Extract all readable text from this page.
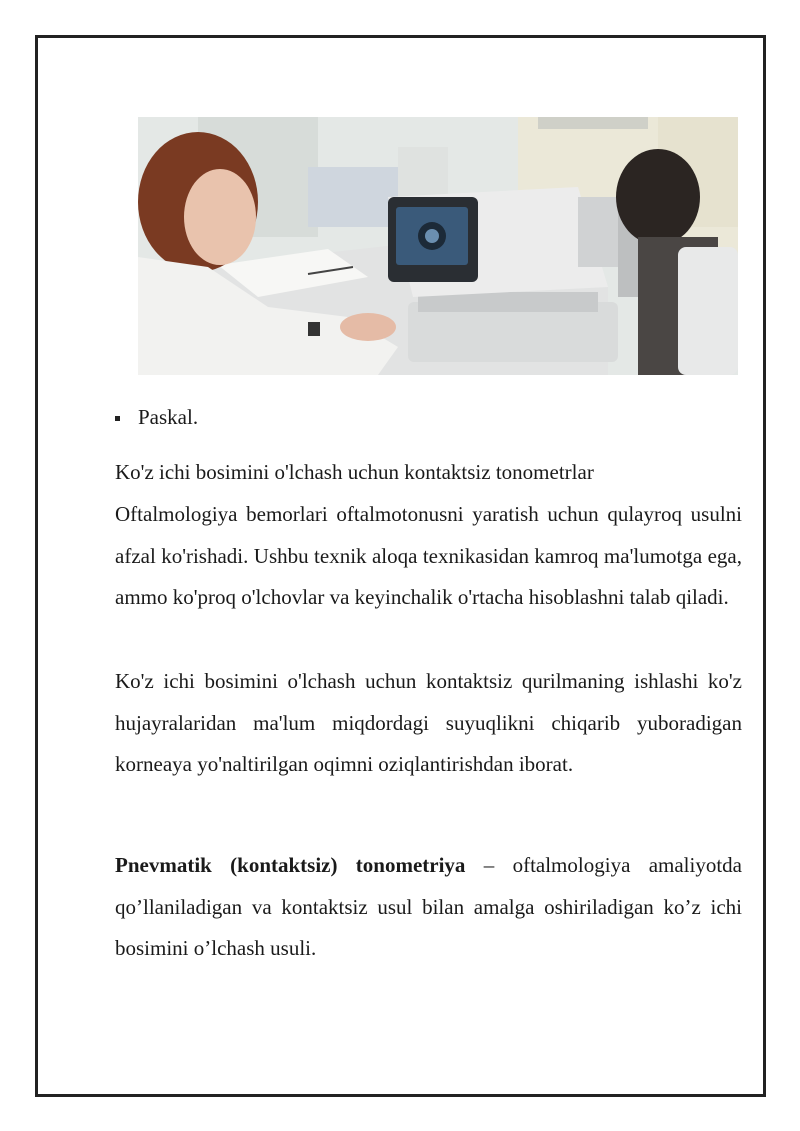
Paskal.
Ko'z ichi bosimini o'lchash uchun kontaktsiz tonometrlar
Oftalmologiya bemorlari oftalmotonusni yaratish uchun qulayroq usulni afzal ko'rishadi. Ushbu texnik aloqa texnikasidan kamroq ma'lumotga ega, ammo ko'proq o'lchovlar va keyinchalik o'rtacha hisoblashni talab qiladi.
Ko'z ichi bosimini o'lchash uchun kontaktsiz qurilmaning ishlashi ko'z hujayralaridan ma'lum miqdordagi suyuqlikni chiqarib yuboradigan korneaya yo'naltirilgan oqimni oziqlantirishdan iborat.
Pnevmatik (kontaktsiz) tonometriya – oftalmologiya amaliyotda qo’llaniladigan va kontaktsiz usul bilan amalga oshiriladigan ko’z ichi bosimini o’lchash usuli.
